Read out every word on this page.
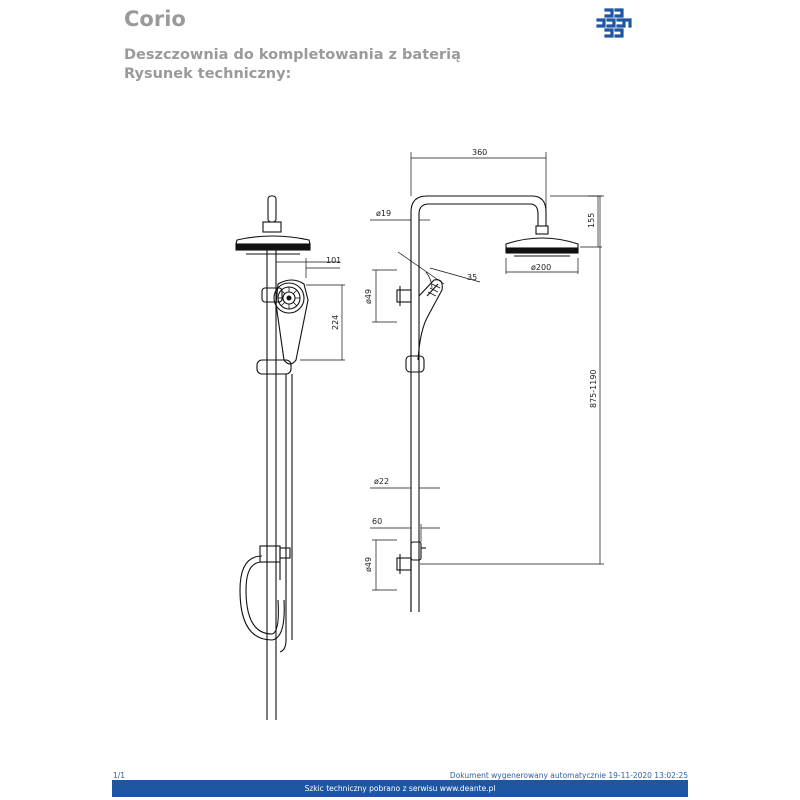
Corio
Deszczownia do kompletowania z baterią
Rysunek techniczny:
360
155
ø19
ø200
35
ø49
101
224
875-1190
ø22
60
ø49
1/1	Dokument wygenerowany automatycznie 19-11-2020 13:02:25
Szkic techniczny pobrano z serwisu www.deante.pl
